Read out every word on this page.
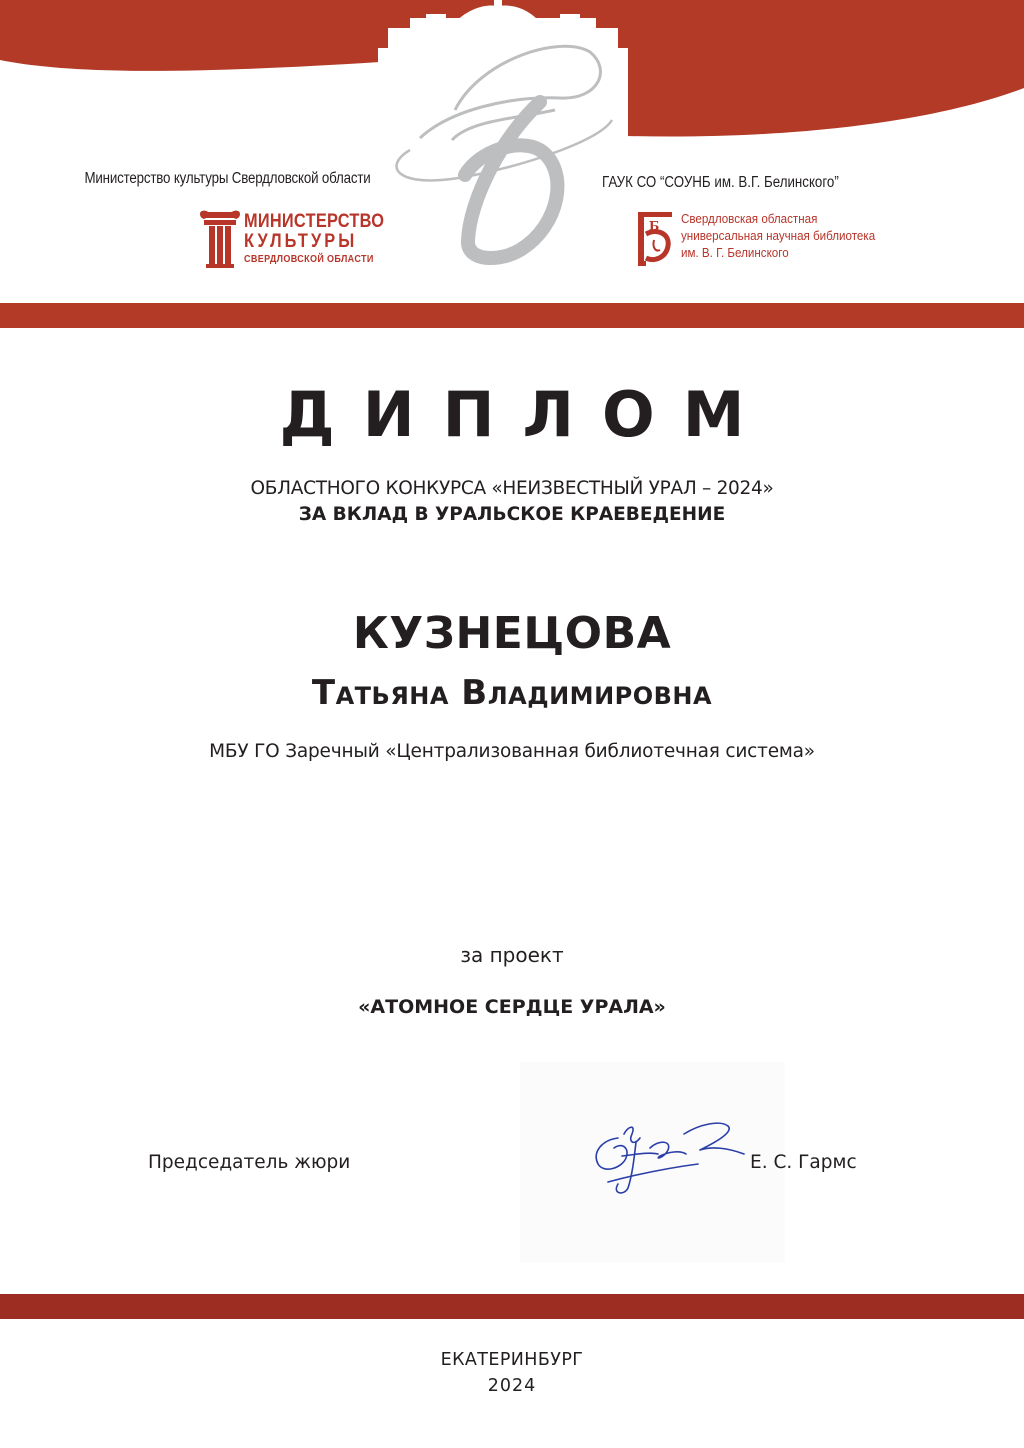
Министерство культуры Свердловской области	ГАУК СО “СОУНБ им. В.Г. Белинского”
МИНИСТЕРСТВО
КУЛЬТУРЫ
СВЕРДЛОВСКОЙ ОБЛАСТИ
Б Свердловская областная
универсальная научная библиотека
им. В. Г. Белинского
ДИПЛОМ
ОБЛАСТНОГО КОНКУРСА «НЕИЗВЕСТНЫЙ УРАЛ – 2024»
ЗА ВКЛАД В УРАЛЬСКОЕ КРАЕВЕДЕНИЕ
КУЗНЕЦОВА
Татьяна Владимировна
МБУ ГО Заречный «Централизованная библиотечная система»
за проект
«АТОМНОЕ СЕРДЦЕ УРАЛА»
Председатель жюри	Е. С. Гармс
ЕКАТЕРИНБУРГ
2024
